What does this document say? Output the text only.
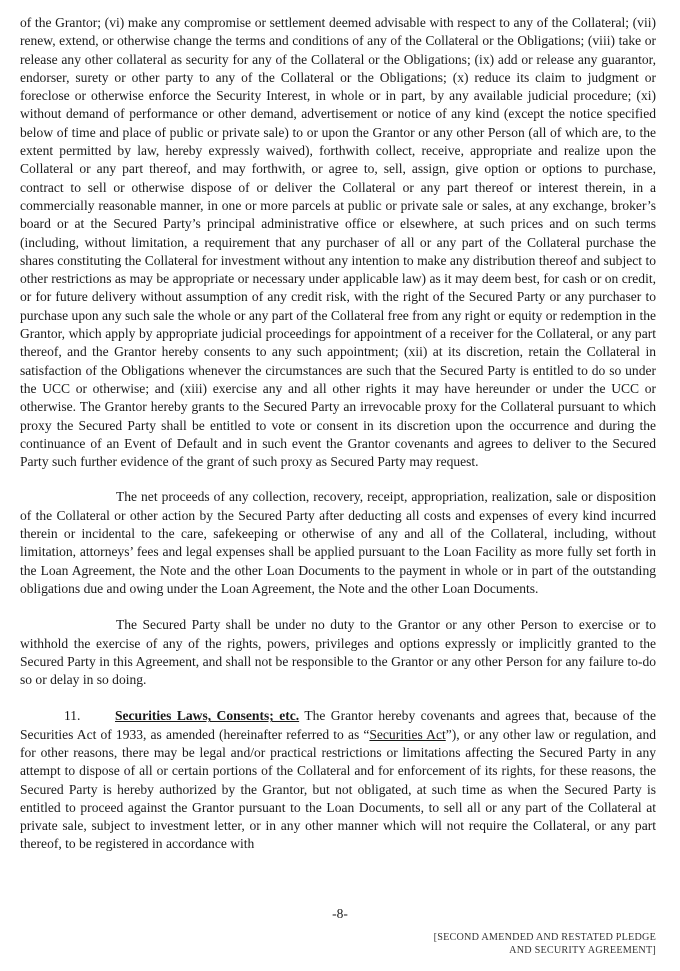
of the Grantor; (vi) make any compromise or settlement deemed advisable with respect to any of the Collateral; (vii) renew, extend, or otherwise change the terms and conditions of any of the Collateral or the Obligations; (viii) take or release any other collateral as security for any of the Collateral or the Obligations; (ix) add or release any guarantor, endorser, surety or other party to any of the Collateral or the Obligations; (x) reduce its claim to judgment or foreclose or otherwise enforce the Security Interest, in whole or in part, by any available judicial procedure; (xi) without demand of performance or other demand, advertisement or notice of any kind (except the notice specified below of time and place of public or private sale) to or upon the Grantor or any other Person (all of which are, to the extent permitted by law, hereby expressly waived), forthwith collect, receive, appropriate and realize upon the Collateral or any part thereof, and may forthwith, or agree to, sell, assign, give option or options to purchase, contract to sell or otherwise dispose of or deliver the Collateral or any part thereof or interest therein, in a commercially reasonable manner, in one or more parcels at public or private sale or sales, at any exchange, broker’s board or at the Secured Party’s principal administrative office or elsewhere, at such prices and on such terms (including, without limitation, a requirement that any purchaser of all or any part of the Collateral purchase the shares constituting the Collateral for investment without any intention to make any distribution thereof and subject to other restrictions as may be appropriate or necessary under applicable law) as it may deem best, for cash or on credit, or for future delivery without assumption of any credit risk, with the right of the Secured Party or any purchaser to purchase upon any such sale the whole or any part of the Collateral free from any right or equity or redemption in the Grantor, which apply by appropriate judicial proceedings for appointment of a receiver for the Collateral, or any part thereof, and the Grantor hereby consents to any such appointment; (xii) at its discretion, retain the Collateral in satisfaction of the Obligations whenever the circumstances are such that the Secured Party is entitled to do so under the UCC or otherwise; and (xiii) exercise any and all other rights it may have hereunder or under the UCC or otherwise. The Grantor hereby grants to the Secured Party an irrevocable proxy for the Collateral pursuant to which proxy the Secured Party shall be entitled to vote or consent in its discretion upon the occurrence and during the continuance of an Event of Default and in such event the Grantor covenants and agrees to deliver to the Secured Party such further evidence of the grant of such proxy as Secured Party may request.

The net proceeds of any collection, recovery, receipt, appropriation, realization, sale or disposition of the Collateral or other action by the Secured Party after deducting all costs and expenses of every kind incurred therein or incidental to the care, safekeeping or otherwise of any and all of the Collateral, including, without limitation, attorneys’ fees and legal expenses shall be applied pursuant to the Loan Facility as more fully set forth in the Loan Agreement, the Note and the other Loan Documents to the payment in whole or in part of the outstanding obligations due and owing under the Loan Agreement, the Note and the other Loan Documents.

The Secured Party shall be under no duty to the Grantor or any other Person to exercise or to withhold the exercise of any of the rights, powers, privileges and options expressly or implicitly granted to the Secured Party in this Agreement, and shall not be responsible to the Grantor or any other Person for any failure to-do so or delay in so doing.

11.	Securities Laws, Consents; etc. The Grantor hereby covenants and agrees that, because of the Securities Act of 1933, as amended (hereinafter referred to as “Securities Act”), or any other law or regulation, and for other reasons, there may be legal and/or practical restrictions or limitations affecting the Secured Party in any attempt to dispose of all or certain portions of the Collateral and for enforcement of its rights, for these reasons, the Secured Party is hereby authorized by the Grantor, but not obligated, at such time as when the Secured Party is entitled to proceed against the Grantor pursuant to the Loan Documents, to sell all or any part of the Collateral at private sale, subject to investment letter, or in any other manner which will not require the Collateral, or any part thereof, to be registered in accordance with

-8-
[SECOND AMENDED AND RESTATED PLEDGE
AND SECURITY AGREEMENT]
